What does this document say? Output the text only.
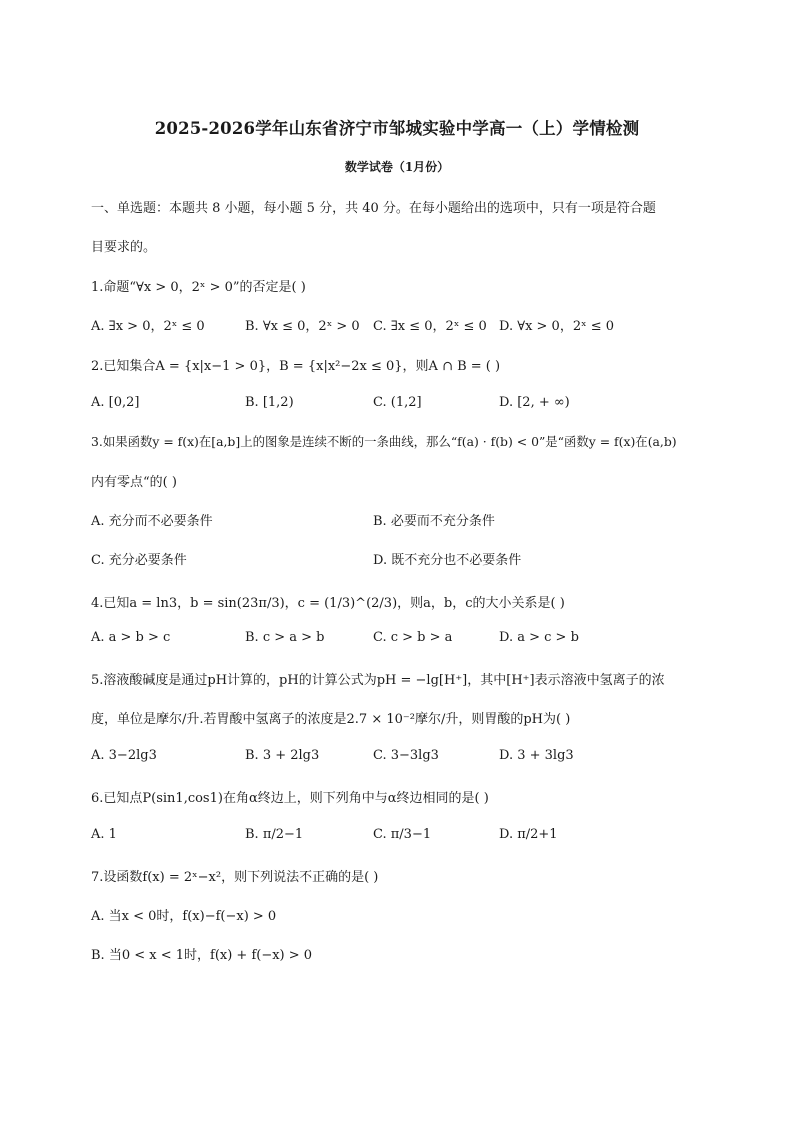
2025-2026学年山东省济宁市邹城实验中学高一（上）学情检测
数学试卷（1月份）
一、单选题：本题共 8 小题，每小题 5 分，共 40 分。在每小题给出的选项中，只有一项是符合题
目要求的。
1.命题“∀x > 0，2ˣ > 0”的否定是( )
A. ∃x > 0，2ˣ ≤ 0	B. ∀x ≤ 0，2ˣ > 0 C. ∃x ≤ 0，2ˣ ≤ 0 D. ∀x > 0，2ˣ ≤ 0
2.已知集合A = {x|x−1 > 0}，B = {x|x²−2x ≤ 0}，则A ∩ B = ( )
A. [0,2]	B. [1,2)	C. (1,2]	D. [2, + ∞)
3.如果函数y = f(x)在[a,b]上的图象是连续不断的一条曲线，那么“f(a) · f(b) < 0”是“函数y = f(x)在(a,b)
内有零点“的( )
A. 充分而不必要条件	B. 必要而不充分条件
C. 充分必要条件	D. 既不充分也不必要条件
4.已知a = ln3，b = sin(23π/3)，c = (1/3)^(2/3)，则a，b，c的大小关系是( )
A. a > b > c	B. c > a > b	C. c > b > a	D. a > c > b
5.溶液酸碱度是通过pH计算的，pH的计算公式为pH = −lg[H⁺]，其中[H⁺]表示溶液中氢离子的浓
度，单位是摩尔/升.若胃酸中氢离子的浓度是2.7 × 10⁻²摩尔/升，则胃酸的pH为( )
A. 3−2lg3	B. 3 + 2lg3	C. 3−3lg3	D. 3 + 3lg3
6.已知点P(sin1,cos1)在角α终边上，则下列角中与α终边相同的是( )
A. 1	B. π/2−1	C. π/3−1	D. π/2+1
7.设函数f(x) = 2ˣ−x²，则下列说法不正确的是( )
A. 当x < 0时，f(x)−f(−x) > 0
B. 当0 < x < 1时，f(x) + f(−x) > 0
